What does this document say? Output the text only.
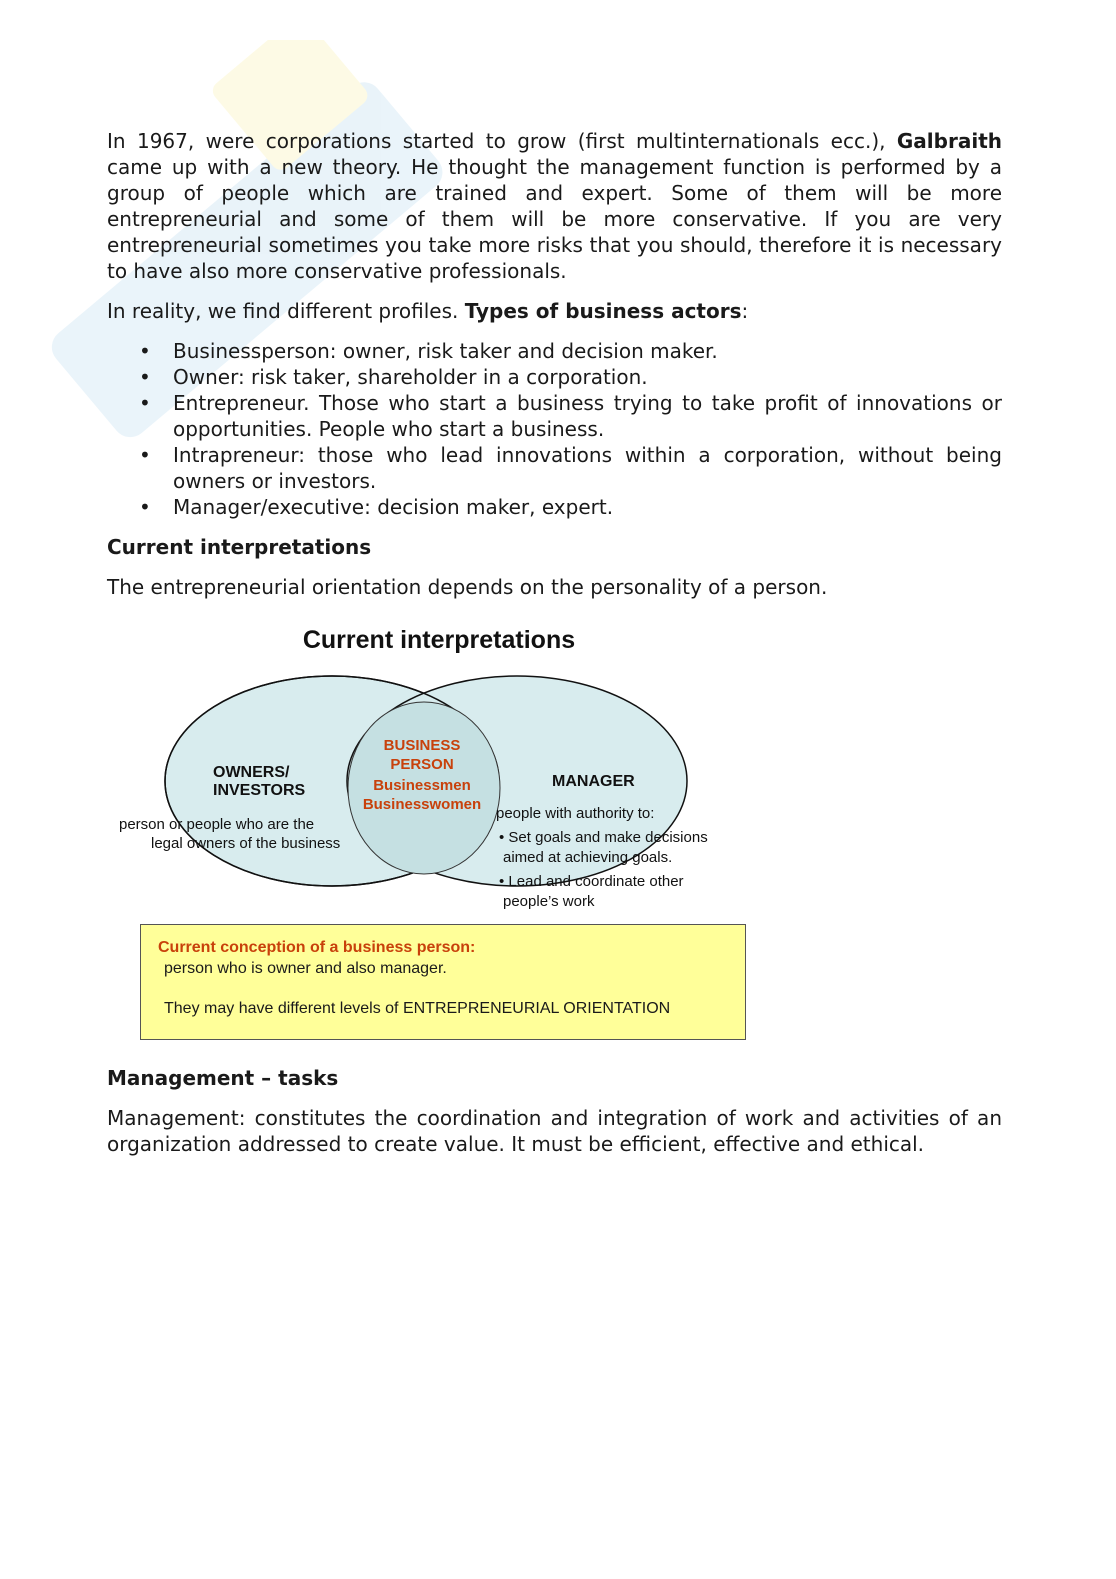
In 1967, were corporations started to grow (first multinternationals ecc.), Galbraith came up with a new theory. He thought the management function is performed by a group of people which are trained and expert. Some of them will be more entrepreneurial and some of them will be more conservative. If you are very entrepreneurial sometimes you take more risks that you should, therefore it is necessary to have also more conservative professionals.

In reality, we find different profiles. Types of business actors:

• Businessperson: owner, risk taker and decision maker.
• Owner: risk taker, shareholder in a corporation.
• Entrepreneur. Those who start a business trying to take profit of innovations or opportunities. People who start a business.
• Intrapreneur: those who lead innovations within a corporation, without being owners or investors.
• Manager/executive: decision maker, expert.
Current interpretations

The entrepreneurial orientation depends on the personality of a person.

Current interpretations
OWNERS/
INVESTORS
person or people who are the
legal owners of the business
BUSINESS
PERSON
Businessmen
Businesswomen
MANAGER
people with authority to:
• Set goals and make decisions
aimed at achieving goals.
• Lead and coordinate other
people’s work
Current conception of a business person:
person who is owner and also manager.
They may have different levels of ENTREPRENEURIAL ORIENTATION
Management – tasks

Management: constitutes the coordination and integration of work and activities of an organization addressed to create value. It must be efficient, effective and ethical.
